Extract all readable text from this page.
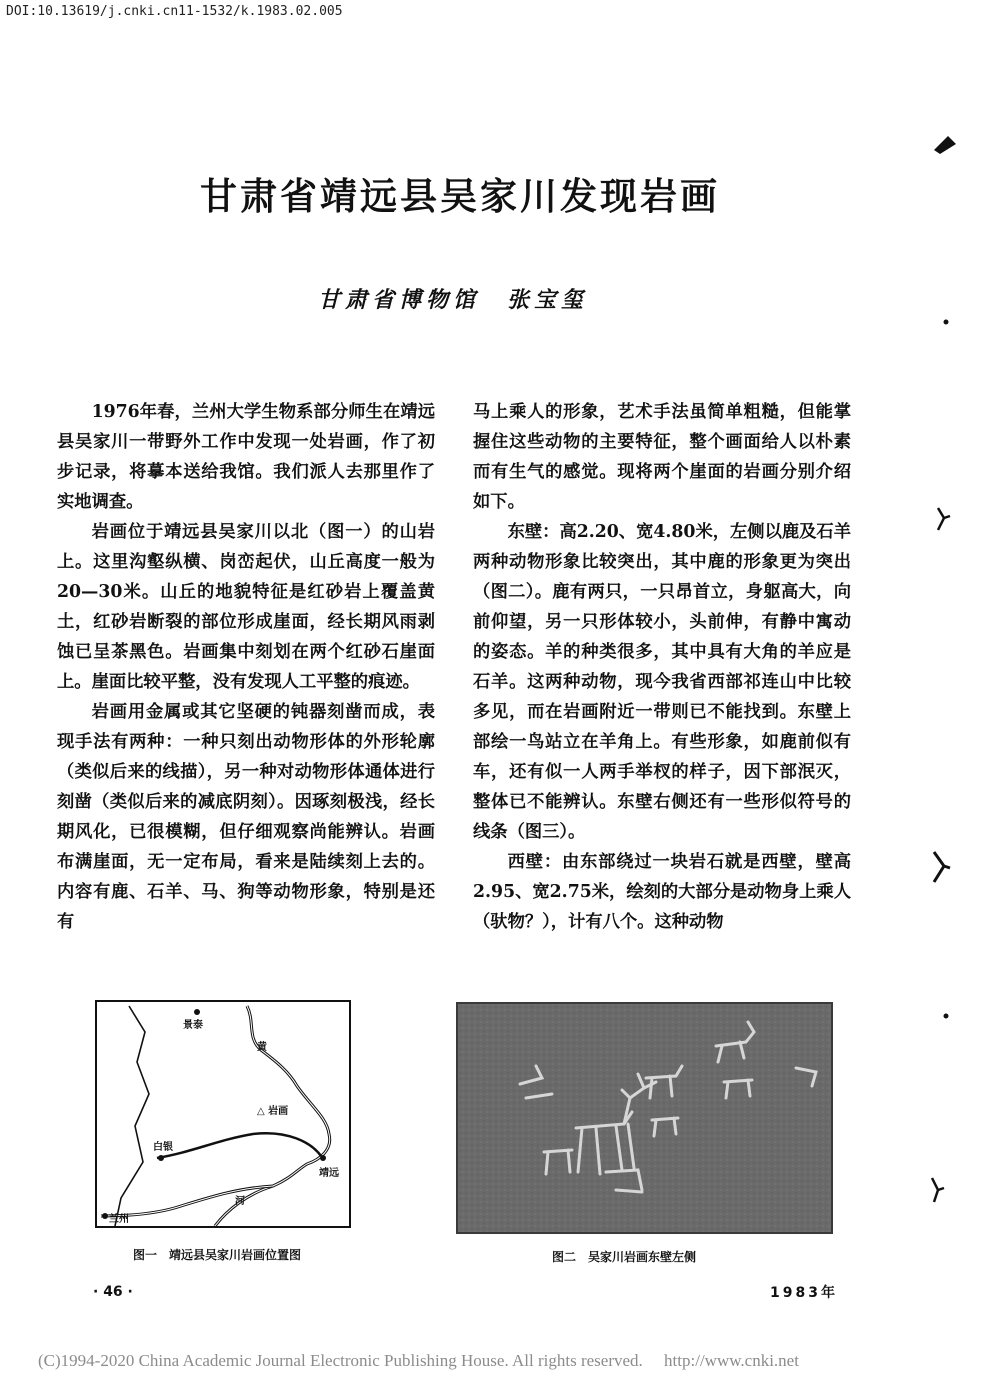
DOI:10.13619/j.cnki.cn11-1532/k.1983.02.005
甘肃省靖远县吴家川发现岩画
甘肃省博物馆　张宝玺

1976年春，兰州大学生物系部分师生在靖远县吴家川一带野外工作中发现一处岩画，作了初步记录，将摹本送给我馆。我们派人去那里作了实地调查。

岩画位于靖远县吴家川以北（图一）的山岩上。这里沟壑纵横、岗峦起伏，山丘高度一般为20—30米。山丘的地貌特征是红砂岩上覆盖黄土，红砂岩断裂的部位形成崖面，经长期风雨剥蚀已呈茶黑色。岩画集中刻划在两个红砂石崖面上。崖面比较平整，没有发现人工平整的痕迹。

岩画用金属或其它坚硬的钝器刻凿而成，表现手法有两种：一种只刻出动物形体的外形轮廓（类似后来的线描），另一种对动物形体通体进行刻凿（类似后来的减底阴刻）。因琢刻极浅，经长期风化，已很模糊，但仔细观察尚能辨认。岩画布满崖面，无一定布局，看来是陆续刻上去的。内容有鹿、石羊、马、狗等动物形象，特别是还有

马上乘人的形象，艺术手法虽简单粗糙，但能掌握住这些动物的主要特征，整个画面给人以朴素而有生气的感觉。现将两个崖面的岩画分别介绍如下。

东壁：高2.20、宽4.80米，左侧以鹿及石羊两种动物形象比较突出，其中鹿的形象更为突出（图二）。鹿有两只，一只昂首立，身躯高大，向前仰望，另一只形体较小，头前伸，有静中寓动的姿态。羊的种类很多，其中具有大角的羊应是石羊。这两种动物，现今我省西部祁连山中比较多见，而在岩画附近一带则已不能找到。东壁上部绘一鸟站立在羊角上。有些形象，如鹿前似有车，还有似一人两手举杈的样子，因下部泯灭，整体已不能辨认。东壁右侧还有一些形似符号的线条（图三）。

西壁：由东部绕过一块岩石就是西壁，壁高2.95、宽2.75米，绘刻的大部分是动物身上乘人（驮物？），计有八个。这种动物

景泰
黄
△ 岩画
白银
靖远
河
兰州
图一　靖远县吴家川岩画位置图	图二　吴家川岩画东壁左侧
· 46 ·	1983年
(C)1994-2020 China Academic Journal Electronic Publishing House. All rights reserved.　 http://www.cnki.net
